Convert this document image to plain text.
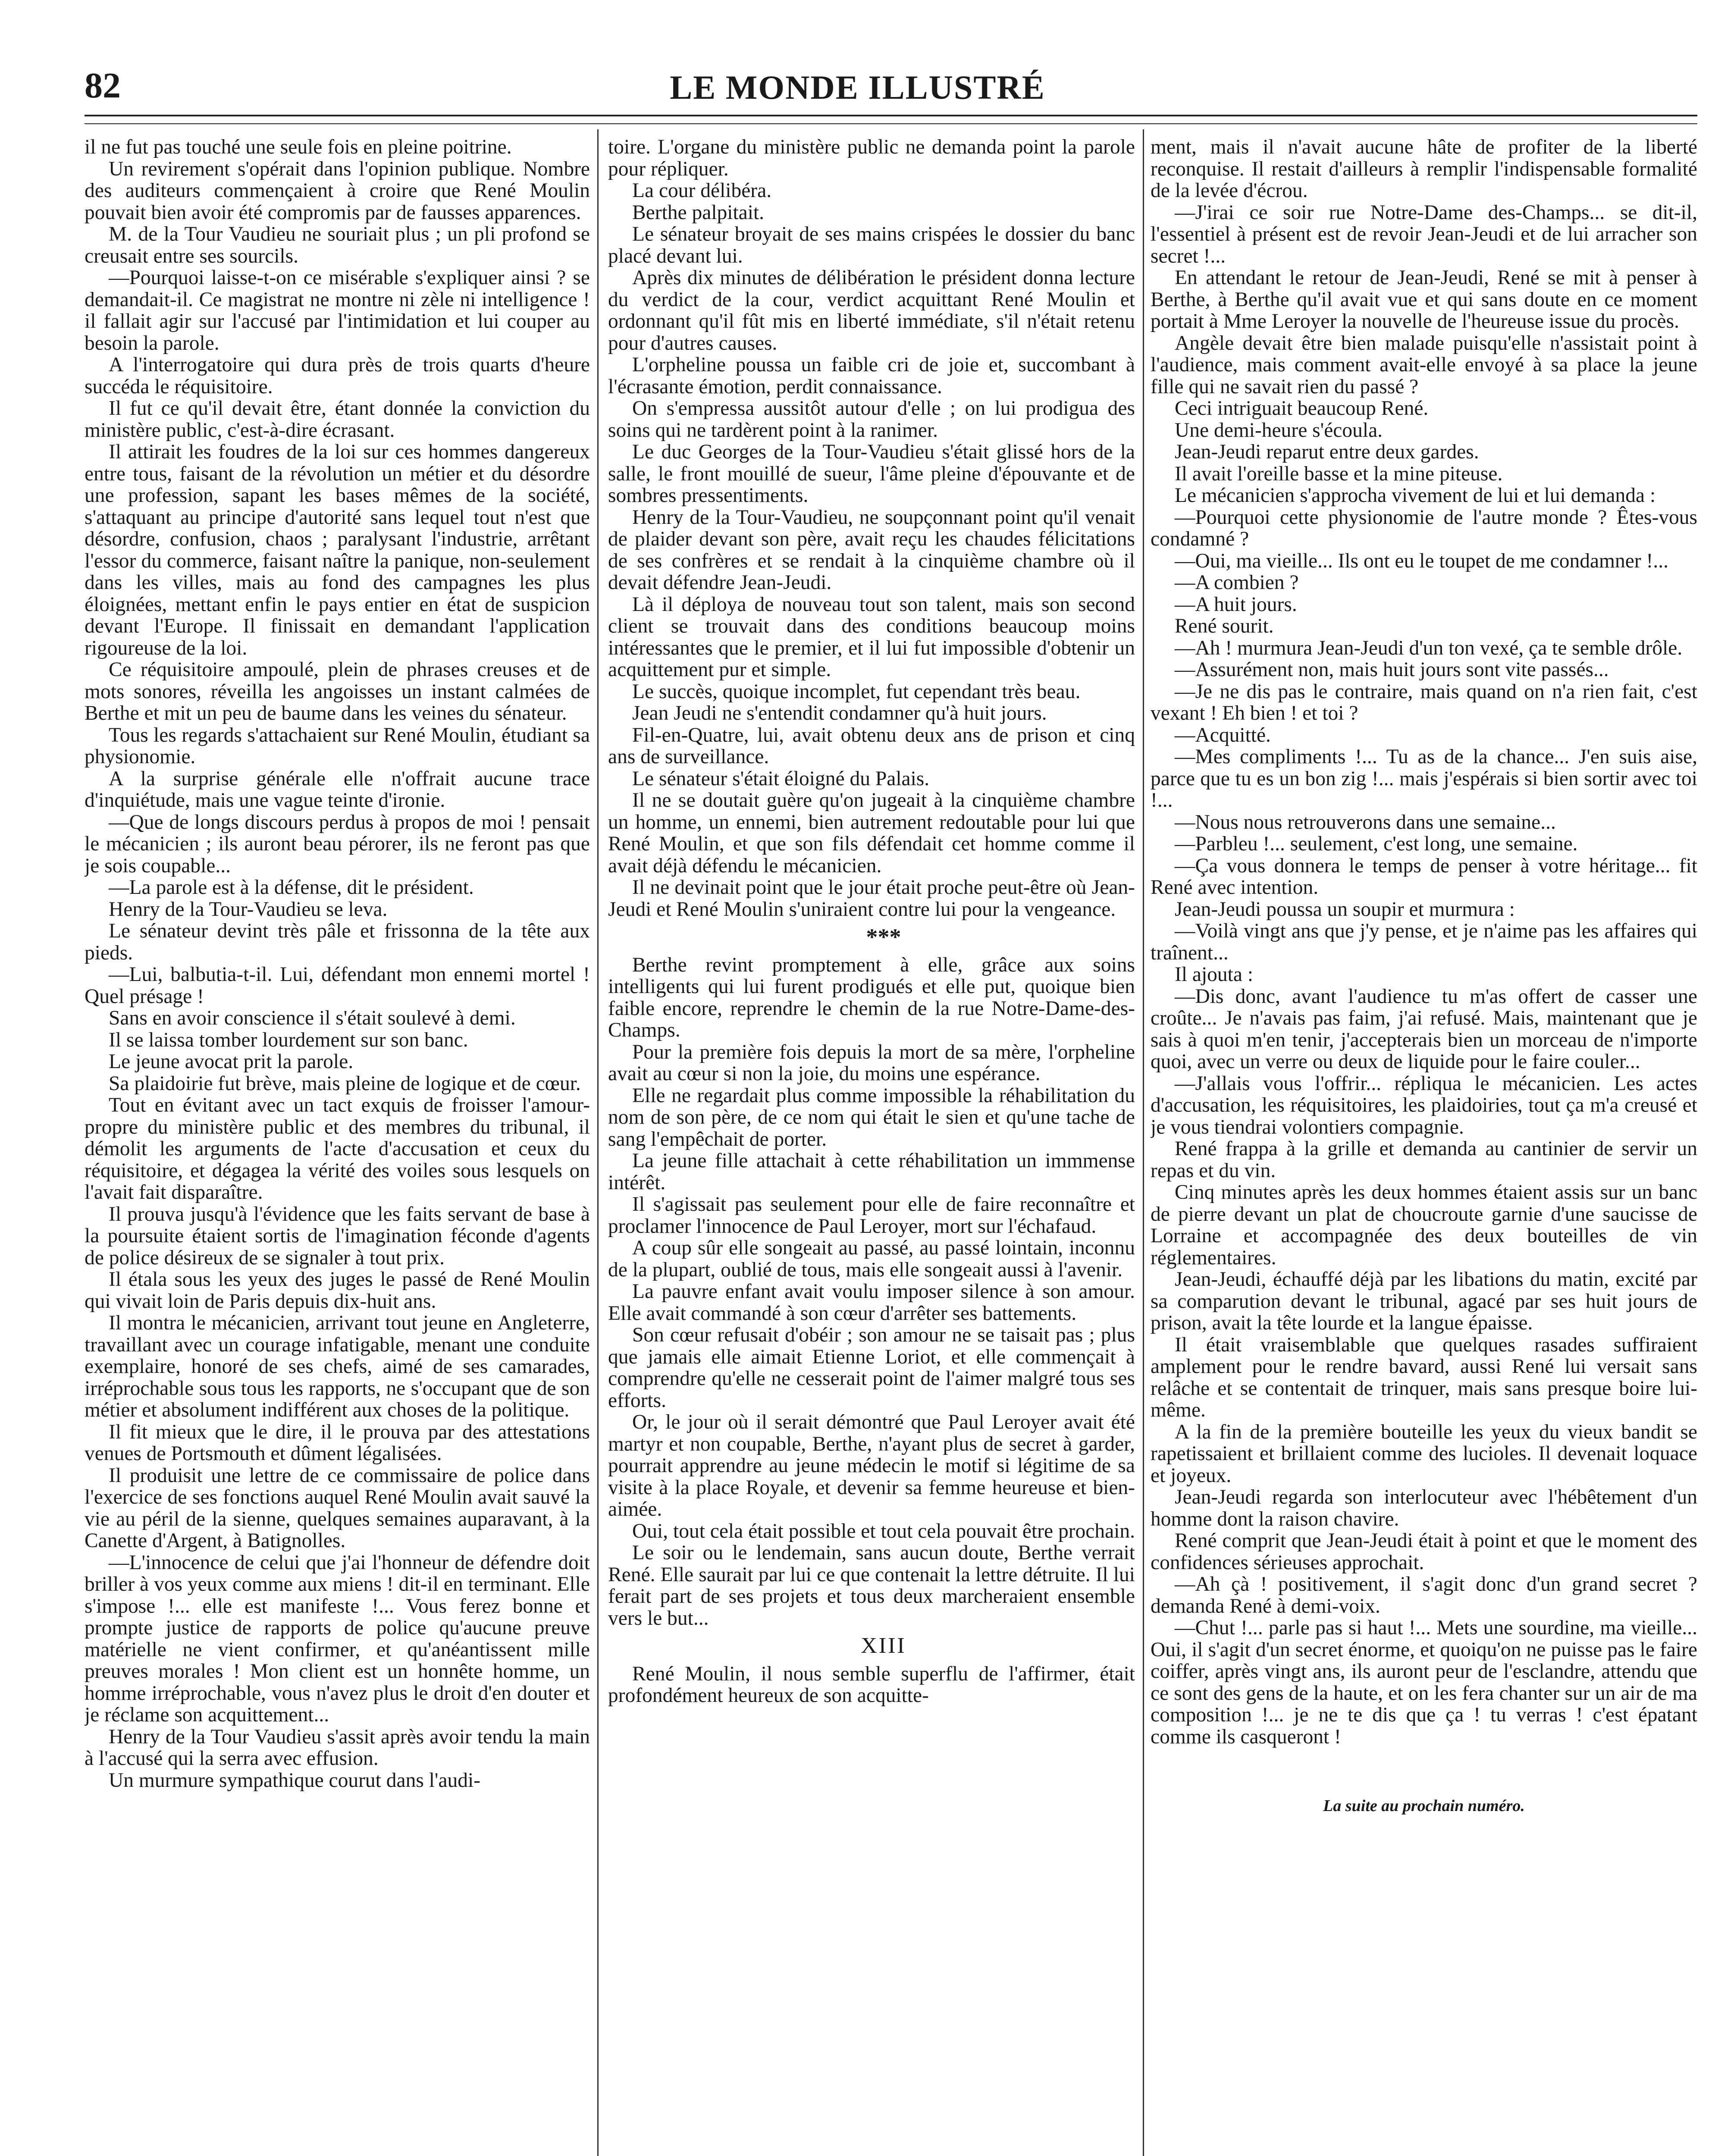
82	LE MONDE ILLUSTRÉ

il ne fut pas touché une seule fois en pleine poitrine.

Un revirement s'opérait dans l'opinion publique. Nombre des auditeurs commençaient à croire que René Moulin pouvait bien avoir été compromis par de fausses apparences.

M. de la Tour Vaudieu ne souriait plus ; un pli profond se creusait entre ses sourcils.

—Pourquoi laisse-t-on ce misérable s'expliquer ainsi ? se demandait-il. Ce magistrat ne montre ni zèle ni intelligence ! il fallait agir sur l'accusé par l'intimidation et lui couper au besoin la parole.

A l'interrogatoire qui dura près de trois quarts d'heure succéda le réquisitoire.

Il fut ce qu'il devait être, étant donnée la conviction du ministère public, c'est-à-dire écrasant.

Il attirait les foudres de la loi sur ces hommes dangereux entre tous, faisant de la révolution un métier et du désordre une profession, sapant les bases mêmes de la société, s'attaquant au principe d'autorité sans lequel tout n'est que désordre, confusion, chaos ; paralysant l'industrie, arrêtant l'essor du commerce, faisant naître la panique, non-seulement dans les villes, mais au fond des campagnes les plus éloignées, mettant enfin le pays entier en état de suspicion devant l'Europe. Il finissait en demandant l'application rigoureuse de la loi.

Ce réquisitoire ampoulé, plein de phrases creuses et de mots sonores, réveilla les angoisses un instant calmées de Berthe et mit un peu de baume dans les veines du sénateur.

Tous les regards s'attachaient sur René Moulin, étudiant sa physionomie.

A la surprise générale elle n'offrait aucune trace d'inquiétude, mais une vague teinte d'ironie.

—Que de longs discours perdus à propos de moi ! pensait le mécanicien ; ils auront beau pérorer, ils ne feront pas que je sois coupable...

—La parole est à la défense, dit le président.

Henry de la Tour-Vaudieu se leva.

Le sénateur devint très pâle et frissonna de la tête aux pieds.

—Lui, balbutia-t-il. Lui, défendant mon ennemi mortel ! Quel présage !

Sans en avoir conscience il s'était soulevé à demi.

Il se laissa tomber lourdement sur son banc.

Le jeune avocat prit la parole.

Sa plaidoirie fut brève, mais pleine de logique et de cœur.

Tout en évitant avec un tact exquis de froisser l'amour-propre du ministère public et des membres du tribunal, il démolit les arguments de l'acte d'accusation et ceux du réquisitoire, et dégagea la vérité des voiles sous lesquels on l'avait fait disparaître.

Il prouva jusqu'à l'évidence que les faits servant de base à la poursuite étaient sortis de l'imagination féconde d'agents de police désireux de se signaler à tout prix.

Il étala sous les yeux des juges le passé de René Moulin qui vivait loin de Paris depuis dix-huit ans.

Il montra le mécanicien, arrivant tout jeune en Angleterre, travaillant avec un courage infatigable, menant une conduite exemplaire, honoré de ses chefs, aimé de ses camarades, irréprochable sous tous les rapports, ne s'occupant que de son métier et absolument indifférent aux choses de la politique.

Il fit mieux que le dire, il le prouva par des attestations venues de Portsmouth et dûment légalisées.

Il produisit une lettre de ce commissaire de police dans l'exercice de ses fonctions auquel René Moulin avait sauvé la vie au péril de la sienne, quelques semaines auparavant, à la Canette d'Argent, à Batignolles.

—L'innocence de celui que j'ai l'honneur de défendre doit briller à vos yeux comme aux miens ! dit-il en terminant. Elle s'impose !... elle est manifeste !... Vous ferez bonne et prompte justice de rapports de police qu'aucune preuve matérielle ne vient confirmer, et qu'anéantissent mille preuves morales ! Mon client est un honnête homme, un homme irréprochable, vous n'avez plus le droit d'en douter et je réclame son acquittement...

Henry de la Tour Vaudieu s'assit après avoir tendu la main à l'accusé qui la serra avec effusion.

Un murmure sympathique courut dans l'audi-

toire. L'organe du ministère public ne demanda point la parole pour répliquer.

La cour délibéra.

Berthe palpitait.

Le sénateur broyait de ses mains crispées le dossier du banc placé devant lui.

Après dix minutes de délibération le président donna lecture du verdict de la cour, verdict acquittant René Moulin et ordonnant qu'il fût mis en liberté immédiate, s'il n'était retenu pour d'autres causes.

L'orpheline poussa un faible cri de joie et, succombant à l'écrasante émotion, perdit connaissance.

On s'empressa aussitôt autour d'elle ; on lui prodigua des soins qui ne tardèrent point à la ranimer.

Le duc Georges de la Tour-Vaudieu s'était glissé hors de la salle, le front mouillé de sueur, l'âme pleine d'épouvante et de sombres pressentiments.

Henry de la Tour-Vaudieu, ne soupçonnant point qu'il venait de plaider devant son père, avait reçu les chaudes félicitations de ses confrères et se rendait à la cinquième chambre où il devait défendre Jean-Jeudi.

Là il déploya de nouveau tout son talent, mais son second client se trouvait dans des conditions beaucoup moins intéressantes que le premier, et il lui fut impossible d'obtenir un acquittement pur et simple.

Le succès, quoique incomplet, fut cependant très beau.

Jean Jeudi ne s'entendit condamner qu'à huit jours.

Fil-en-Quatre, lui, avait obtenu deux ans de prison et cinq ans de surveillance.

Le sénateur s'était éloigné du Palais.

Il ne se doutait guère qu'on jugeait à la cinquième chambre un homme, un ennemi, bien autrement redoutable pour lui que René Moulin, et que son fils défendait cet homme comme il avait déjà défendu le mécanicien.

Il ne devinait point que le jour était proche peut-être où Jean-Jeudi et René Moulin s'uniraient contre lui pour la vengeance.

***

Berthe revint promptement à elle, grâce aux soins intelligents qui lui furent prodigués et elle put, quoique bien faible encore, reprendre le chemin de la rue Notre-Dame-des-Champs.

Pour la première fois depuis la mort de sa mère, l'orpheline avait au cœur si non la joie, du moins une espérance.

Elle ne regardait plus comme impossible la réhabilitation du nom de son père, de ce nom qui était le sien et qu'une tache de sang l'empêchait de porter.

La jeune fille attachait à cette réhabilitation un immmense intérêt.

Il s'agissait pas seulement pour elle de faire reconnaître et proclamer l'innocence de Paul Leroyer, mort sur l'échafaud.

A coup sûr elle songeait au passé, au passé lointain, inconnu de la plupart, oublié de tous, mais elle songeait aussi à l'avenir.

La pauvre enfant avait voulu imposer silence à son amour. Elle avait commandé à son cœur d'arrêter ses battements.

Son cœur refusait d'obéir ; son amour ne se taisait pas ; plus que jamais elle aimait Etienne Loriot, et elle commençait à comprendre qu'elle ne cesserait point de l'aimer malgré tous ses efforts.

Or, le jour où il serait démontré que Paul Leroyer avait été martyr et non coupable, Berthe, n'ayant plus de secret à garder, pourrait apprendre au jeune médecin le motif si légitime de sa visite à la place Royale, et devenir sa femme heureuse et bien-aimée.

Oui, tout cela était possible et tout cela pouvait être prochain.

Le soir ou le lendemain, sans aucun doute, Berthe verrait René. Elle saurait par lui ce que contenait la lettre détruite. Il lui ferait part de ses projets et tous deux marcheraient ensemble vers le but...

XIII

René Moulin, il nous semble superflu de l'affirmer, était profondément heureux de son acquitte-

ment, mais il n'avait aucune hâte de profiter de la liberté reconquise. Il restait d'ailleurs à remplir l'indispensable formalité de la levée d'écrou.

—J'irai ce soir rue Notre-Dame des-Champs... se dit-il, l'essentiel à présent est de revoir Jean-Jeudi et de lui arracher son secret !...

En attendant le retour de Jean-Jeudi, René se mit à penser à Berthe, à Berthe qu'il avait vue et qui sans doute en ce moment portait à Mme Leroyer la nouvelle de l'heureuse issue du procès.

Angèle devait être bien malade puisqu'elle n'assistait point à l'audience, mais comment avait-elle envoyé à sa place la jeune fille qui ne savait rien du passé ?

Ceci intriguait beaucoup René.

Une demi-heure s'écoula.

Jean-Jeudi reparut entre deux gardes.

Il avait l'oreille basse et la mine piteuse.

Le mécanicien s'approcha vivement de lui et lui demanda :

—Pourquoi cette physionomie de l'autre monde ? Êtes-vous condamné ?

—Oui, ma vieille... Ils ont eu le toupet de me condamner !...

—A combien ?

—A huit jours.

René sourit.

—Ah ! murmura Jean-Jeudi d'un ton vexé, ça te semble drôle.

—Assurément non, mais huit jours sont vite passés...

—Je ne dis pas le contraire, mais quand on n'a rien fait, c'est vexant ! Eh bien ! et toi ?

—Acquitté.

—Mes compliments !... Tu as de la chance... J'en suis aise, parce que tu es un bon zig !... mais j'espérais si bien sortir avec toi !...

—Nous nous retrouverons dans une semaine...

—Parbleu !... seulement, c'est long, une semaine.

—Ça vous donnera le temps de penser à votre héritage... fit René avec intention.

Jean-Jeudi poussa un soupir et murmura :

—Voilà vingt ans que j'y pense, et je n'aime pas les affaires qui traînent...

Il ajouta :

—Dis donc, avant l'audience tu m'as offert de casser une croûte... Je n'avais pas faim, j'ai refusé. Mais, maintenant que je sais à quoi m'en tenir, j'accepterais bien un morceau de n'importe quoi, avec un verre ou deux de liquide pour le faire couler...

—J'allais vous l'offrir... répliqua le mécanicien. Les actes d'accusation, les réquisitoires, les plaidoiries, tout ça m'a creusé et je vous tiendrai volontiers compagnie.

René frappa à la grille et demanda au cantinier de servir un repas et du vin.

Cinq minutes après les deux hommes étaient assis sur un banc de pierre devant un plat de choucroute garnie d'une saucisse de Lorraine et accompagnée des deux bouteilles de vin réglementaires.

Jean-Jeudi, échauffé déjà par les libations du matin, excité par sa comparution devant le tribunal, agacé par ses huit jours de prison, avait la tête lourde et la langue épaisse.

Il était vraisemblable que quelques rasades suffiraient amplement pour le rendre bavard, aussi René lui versait sans relâche et se contentait de trinquer, mais sans presque boire lui-même.

A la fin de la première bouteille les yeux du vieux bandit se rapetissaient et brillaient comme des lucioles. Il devenait loquace et joyeux.

Jean-Jeudi regarda son interlocuteur avec l'hébêtement d'un homme dont la raison chavire.

René comprit que Jean-Jeudi était à point et que le moment des confidences sérieuses approchait.

—Ah çà ! positivement, il s'agit donc d'un grand secret ? demanda René à demi-voix.

—Chut !... parle pas si haut !... Mets une sourdine, ma vieille... Oui, il s'agit d'un secret énorme, et quoiqu'on ne puisse pas le faire coiffer, après vingt ans, ils auront peur de l'esclandre, attendu que ce sont des gens de la haute, et on les fera chanter sur un air de ma composition !... je ne te dis que ça ! tu verras ! c'est épatant comme ils casqueront !

La suite au prochain numéro.
